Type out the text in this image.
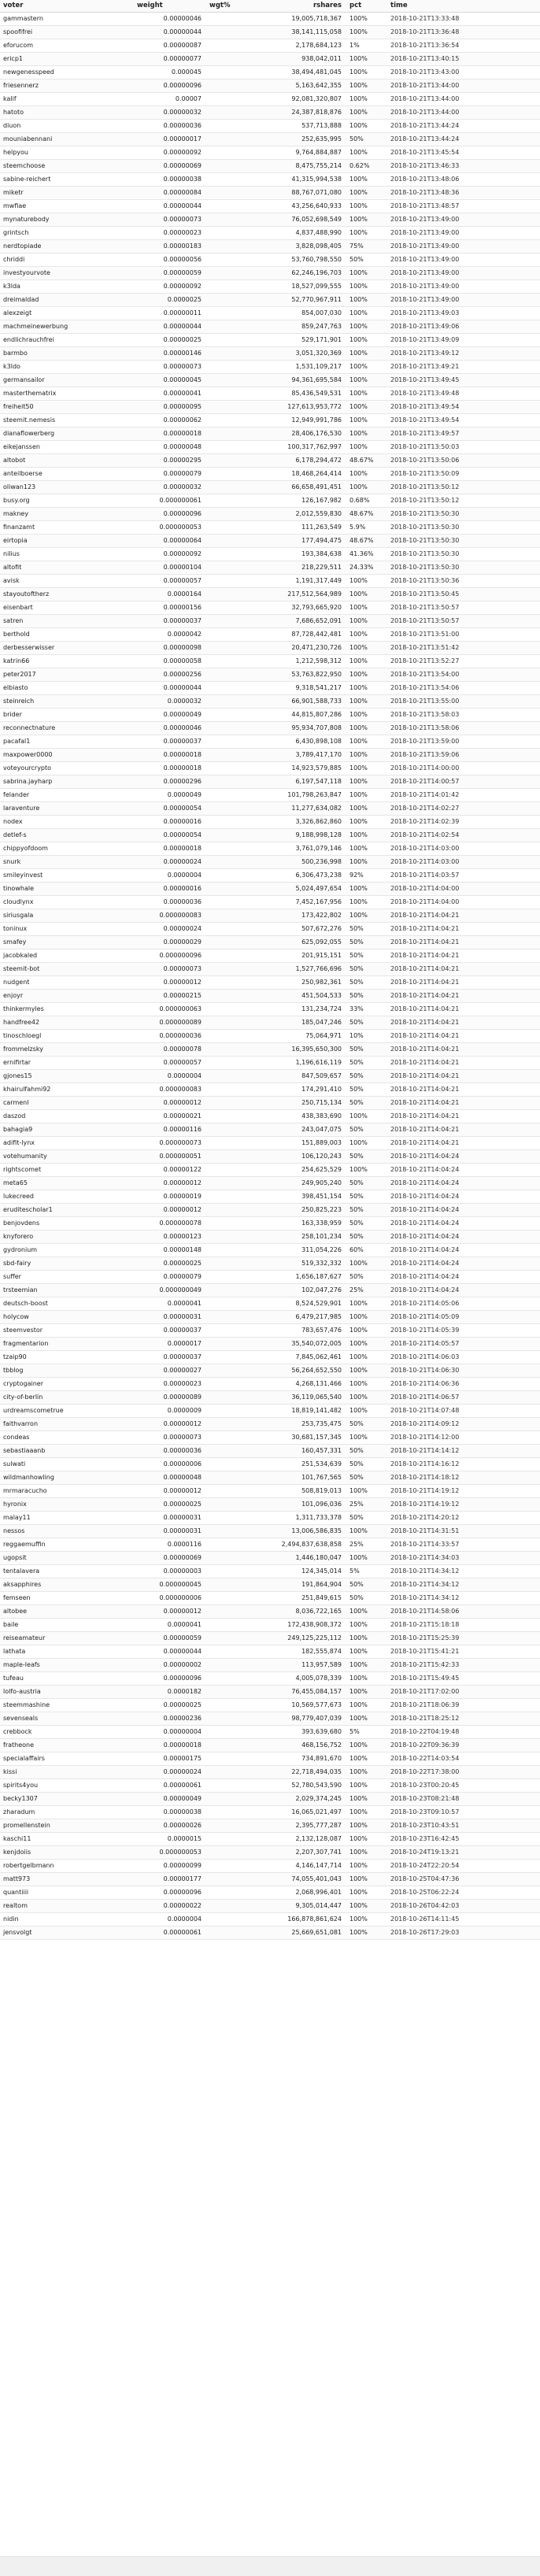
voter	weight	wgt%	rshares	pct	time
gammastern	0.00000046		19,005,718,367	100%	2018-10-21T13:33:48
spoofifrei	0.00000044		38,141,115,058	100%	2018-10-21T13:36:48
eforucom	0.00000087		2,178,684,123	1%	2018-10-21T13:36:54
ericp1	0.00000077		938,042,011	100%	2018-10-21T13:40:15
newgenesspeed	0.000045		38,494,481,045	100%	2018-10-21T13:43:00
friesennerz	0.00000096		5,163,642,355	100%	2018-10-21T13:44:00
kalif	0.00007		92,081,320,807	100%	2018-10-21T13:44:00
hatoto	0.00000032		24,387,818,876	100%	2018-10-21T13:44:00
diuon	0.00000036		537,713,888	100%	2018-10-21T13:44:24
mouniabennani	0.00000017		252,635,995	50%	2018-10-21T13:44:24
helpyou	0.00000092		9,764,884,887	100%	2018-10-21T13:45:54
steemchoose	0.00000069		8,475,755,214	0.62%	2018-10-21T13:46:33
sabine-reichert	0.00000038		41,315,994,538	100%	2018-10-21T13:48:06
miketr	0.00000084		88,767,071,080	100%	2018-10-21T13:48:36
mwfiae	0.00000044		43,256,640,933	100%	2018-10-21T13:48:57
mynaturebody	0.00000073		76,052,698,549	100%	2018-10-21T13:49:00
grintsch	0.00000023		4,837,488,990	100%	2018-10-21T13:49:00
nerdtopiade	0.00000183		3,828,098,405	75%	2018-10-21T13:49:00
chriddi	0.00000056		53,760,798,550	50%	2018-10-21T13:49:00
investyourvote	0.00000059		62,246,196,703	100%	2018-10-21T13:49:00
k3lda	0.00000092		18,527,099,555	100%	2018-10-21T13:49:00
dreimaldad	0.0000025		52,770,967,911	100%	2018-10-21T13:49:00
alexzeigt	0.00000011		854,007,030	100%	2018-10-21T13:49:03
machmeinewerbung	0.00000044		859,247,763	100%	2018-10-21T13:49:06
endlichrauchfrei	0.00000025		529,171,901	100%	2018-10-21T13:49:09
barmbo	0.00000146		3,051,320,369	100%	2018-10-21T13:49:12
k3ldo	0.00000073		1,531,109,217	100%	2018-10-21T13:49:21
germansailor	0.00000045		94,361,695,584	100%	2018-10-21T13:49:45
masterthematrix	0.00000041		85,436,549,531	100%	2018-10-21T13:49:48
freiheit50	0.00000095		127,613,953,772	100%	2018-10-21T13:49:54
steemit.nemesis	0.00000062		12,949,991,786	100%	2018-10-21T13:49:54
dianaflowerberg	0.00000018		28,406,176,530	100%	2018-10-21T13:49:57
eikejanssen	0.00000048		100,317,762,997	100%	2018-10-21T13:50:03
altobot	0.00000295		6,178,294,472	48.67%	2018-10-21T13:50:06
anteilboerse	0.00000079		18,468,264,414	100%	2018-10-21T13:50:09
oliwan123	0.00000032		66,658,491,451	100%	2018-10-21T13:50:12
busy.org	0.000000061		126,167,982	0.68%	2018-10-21T13:50:12
makney	0.00000096		2,012,559,830	48.67%	2018-10-21T13:50:30
finanzamt	0.000000053		111,263,549	5.9%	2018-10-21T13:50:30
eirtopia	0.00000064		177,494,475	48.67%	2018-10-21T13:50:30
nilius	0.00000092		193,384,638	41.36%	2018-10-21T13:50:30
altofit	0.00000104		218,229,511	24.33%	2018-10-21T13:50:30
avisk	0.00000057		1,191,317,449	100%	2018-10-21T13:50:36
stayoutoftherz	0.0000164		217,512,564,989	100%	2018-10-21T13:50:45
eisenbart	0.00000156		32,793,665,920	100%	2018-10-21T13:50:57
satren	0.00000037		7,686,652,091	100%	2018-10-21T13:50:57
berthold	0.0000042		87,728,442,481	100%	2018-10-21T13:51:00
derbesserwisser	0.00000098		20,471,230,726	100%	2018-10-21T13:51:42
katrin66	0.00000058		1,212,598,312	100%	2018-10-21T13:52:27
peter2017	0.00000256		53,763,822,950	100%	2018-10-21T13:54:00
elbiasto	0.00000044		9,318,541,217	100%	2018-10-21T13:54:06
steinreich	0.0000032		66,901,588,733	100%	2018-10-21T13:55:00
brider	0.00000049		44,815,807,286	100%	2018-10-21T13:58:03
reconnectnature	0.00000046		95,934,707,808	100%	2018-10-21T13:58:06
pacafal1	0.00000037		6,430,898,108	100%	2018-10-21T13:59:00
maxpower0000	0.00000018		3,789,417,170	100%	2018-10-21T13:59:06
voteyourcrypto	0.00000018		14,923,579,885	100%	2018-10-21T14:00:00
sabrina.jayharp	0.00000296		6,197,547,118	100%	2018-10-21T14:00:57
felander	0.0000049		101,798,263,847	100%	2018-10-21T14:01:42
laraventure	0.00000054		11,277,634,082	100%	2018-10-21T14:02:27
nodex	0.00000016		3,326,862,860	100%	2018-10-21T14:02:39
detlef-s	0.00000054		9,188,998,128	100%	2018-10-21T14:02:54
chippyofdoom	0.00000018		3,761,079,146	100%	2018-10-21T14:03:00
snurk	0.00000024		500,236,998	100%	2018-10-21T14:03:00
smileyinvest	0.0000004		6,306,473,238	92%	2018-10-21T14:03:57
tinowhale	0.00000016		5,024,497,654	100%	2018-10-21T14:04:00
cloudlynx	0.00000036		7,452,167,956	100%	2018-10-21T14:04:00
siriusgala	0.000000083		173,422,802	100%	2018-10-21T14:04:21
toninux	0.00000024		507,672,276	50%	2018-10-21T14:04:21
smafey	0.00000029		625,092,055	50%	2018-10-21T14:04:21
jacobkaled	0.000000096		201,915,151	50%	2018-10-21T14:04:21
steemit-bot	0.00000073		1,527,766,696	50%	2018-10-21T14:04:21
nudgent	0.00000012		250,982,361	50%	2018-10-21T14:04:21
enjoyr	0.00000215		451,504,533	50%	2018-10-21T14:04:21
thinkermyles	0.000000063		131,234,724	33%	2018-10-21T14:04:21
handfree42	0.000000089		185,047,246	50%	2018-10-21T14:04:21
tinoschloegl	0.000000036		75,064,971	10%	2018-10-21T14:04:21
frommelzsky	0.00000078		16,395,650,300	50%	2018-10-21T14:04:21
ernifirtar	0.00000057		1,196,616,119	50%	2018-10-21T14:04:21
gjones15	0.0000004		847,509,657	50%	2018-10-21T14:04:21
khairulfahmi92	0.000000083		174,291,410	50%	2018-10-21T14:04:21
carmenl	0.00000012		250,715,134	50%	2018-10-21T14:04:21
daszod	0.00000021		438,383,690	100%	2018-10-21T14:04:21
bahagia9	0.00000116		243,047,075	50%	2018-10-21T14:04:21
adifit-lynx	0.000000073		151,889,003	100%	2018-10-21T14:04:21
votehumanity	0.000000051		106,120,243	50%	2018-10-21T14:04:24
rightscomet	0.00000122		254,625,529	100%	2018-10-21T14:04:24
meta65	0.00000012		249,905,240	50%	2018-10-21T14:04:24
lukecreed	0.00000019		398,451,154	50%	2018-10-21T14:04:24
eruditescholar1	0.00000012		250,825,223	50%	2018-10-21T14:04:24
benjovdens	0.000000078		163,338,959	50%	2018-10-21T14:04:24
knyforero	0.00000123		258,101,234	50%	2018-10-21T14:04:24
gydronium	0.00000148		311,054,226	60%	2018-10-21T14:04:24
sbd-fairy	0.00000025		519,332,332	100%	2018-10-21T14:04:24
suffer	0.00000079		1,656,187,627	50%	2018-10-21T14:04:24
trsteemian	0.000000049		102,047,276	25%	2018-10-21T14:04:24
deutsch-boost	0.0000041		8,524,529,901	100%	2018-10-21T14:05:06
holycow	0.00000031		6,479,217,985	100%	2018-10-21T14:05:09
steemvestor	0.00000037		783,657,476	100%	2018-10-21T14:05:39
fragmentarion	0.0000017		35,540,072,005	100%	2018-10-21T14:05:57
tzaip90	0.00000037		7,845,062,461	100%	2018-10-21T14:06:03
tbblog	0.00000027		56,264,652,550	100%	2018-10-21T14:06:30
cryptogainer	0.00000023		4,268,131,466	100%	2018-10-21T14:06:36
city-of-berlin	0.00000089		36,119,065,540	100%	2018-10-21T14:06:57
urdreamscometrue	0.0000009		18,819,141,482	100%	2018-10-21T14:07:48
faithvarron	0.00000012		253,735,475	50%	2018-10-21T14:09:12
condeas	0.00000073		30,681,157,345	100%	2018-10-21T14:12:00
sebastiaaanb	0.00000036		160,457,331	50%	2018-10-21T14:14:12
sulwati	0.00000006		251,534,639	50%	2018-10-21T14:16:12
wildmanhowling	0.00000048		101,767,565	50%	2018-10-21T14:18:12
mrmaracucho	0.00000012		508,819,013	100%	2018-10-21T14:19:12
hyronix	0.00000025		101,096,036	25%	2018-10-21T14:19:12
malay11	0.00000031		1,311,733,378	50%	2018-10-21T14:20:12
nessos	0.00000031		13,006,586,835	100%	2018-10-21T14:31:51
reggaemuffin	0.0000116		2,494,837,638,858	25%	2018-10-21T14:33:57
ugopsit	0.00000069		1,446,180,047	100%	2018-10-21T14:34:03
tentalavera	0.00000003		124,345,014	5%	2018-10-21T14:34:12
aksapphires	0.000000045		191,864,904	50%	2018-10-21T14:34:12
femseen	0.000000006		251,849,615	50%	2018-10-21T14:34:12
altobee	0.00000012		8,036,722,165	100%	2018-10-21T14:58:06
baile	0.0000041		172,438,908,372	100%	2018-10-21T15:18:18
reiseamateur	0.00000059		249,125,225,112	100%	2018-10-21T15:25:39
lathata	0.00000044		182,555,874	100%	2018-10-21T15:41:21
maple-leafs	0.00000002		113,957,589	100%	2018-10-21T15:42:33
tufeau	0.00000096		4,005,078,339	100%	2018-10-21T15:49:45
lolfo-austria	0.0000182		76,455,084,157	100%	2018-10-21T17:02:00
steemmashine	0.00000025		10,569,577,673	100%	2018-10-21T18:06:39
sevenseals	0.00000236		98,779,407,039	100%	2018-10-21T18:25:12
crebbock	0.00000004		393,639,680	5%	2018-10-22T04:19:48
fratheone	0.00000018		468,156,752	100%	2018-10-22T09:36:39
specialaffairs	0.00000175		734,891,670	100%	2018-10-22T14:03:54
kissi	0.00000024		22,718,494,035	100%	2018-10-22T17:38:00
spirits4you	0.00000061		52,780,543,590	100%	2018-10-23T00:20:45
becky1307	0.00000049		2,029,374,245	100%	2018-10-23T08:21:48
zharadum	0.00000038		16,065,021,497	100%	2018-10-23T09:10:57
promellenstein	0.00000026		2,395,777,287	100%	2018-10-23T10:43:51
kaschi11	0.0000015		2,132,128,087	100%	2018-10-23T16:42:45
kenjdoiis	0.000000053		2,207,307,741	100%	2018-10-24T19:13:21
robertgelbmann	0.00000099		4,146,147,714	100%	2018-10-24T22:20:54
matt973	0.00000177		74,055,401,043	100%	2018-10-25T04:47:36
quantiiii	0.00000096		2,068,996,401	100%	2018-10-25T06:22:24
realtom	0.00000022		9,305,014,447	100%	2018-10-26T04:42:03
nidin	0.0000004		166,878,861,624	100%	2018-10-26T14:11:45
jensvolgt	0.00000061		25,669,651,081	100%	2018-10-26T17:29:03
